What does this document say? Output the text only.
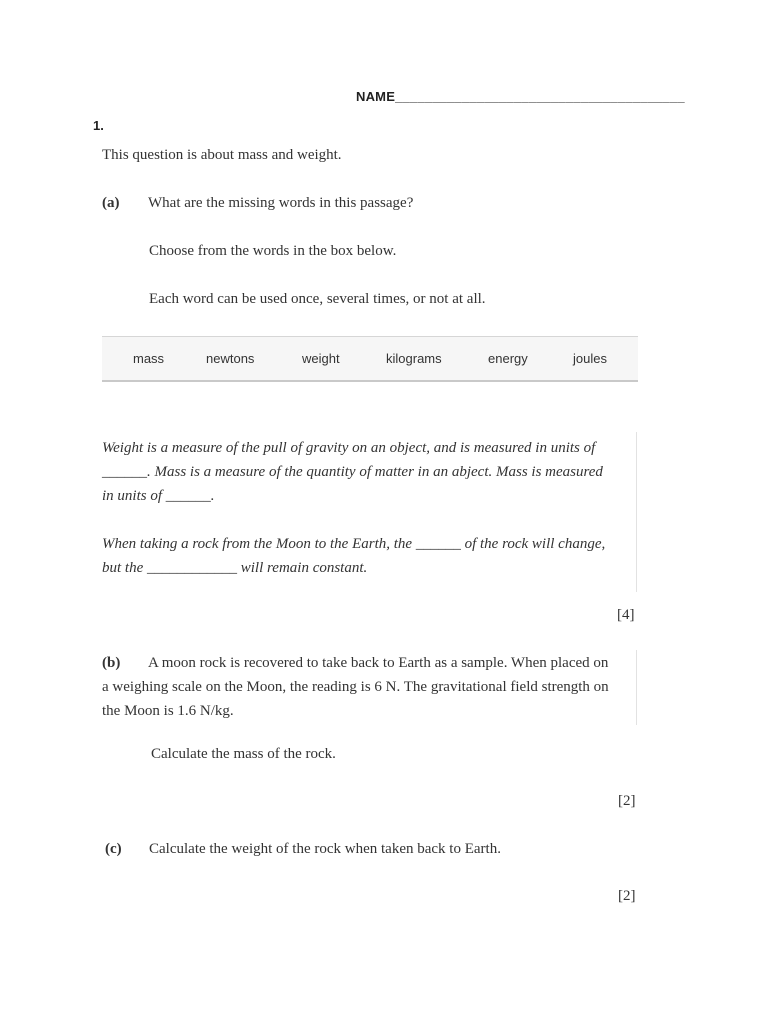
NAME_______________________________________
1.
This question is about mass and weight.
(a) What are the missing words in this passage?
Choose from the words in the box below.
Each word can be used once, several times, or not at all.
mass	newtons	weight	kilograms	energy	joules
Weight is a measure of the pull of gravity on an object, and is measured in units of
______. Mass is a measure of the quantity of matter in an abject. Mass is measured
in units of ______.
When taking a rock from the Moon to the Earth, the ______ of the rock will change,
but the ____________ will remain constant.
[4]
(b) A moon rock is recovered to take back to Earth as a sample. When placed on
a weighing scale on the Moon, the reading is 6 N. The gravitational field strength on
the Moon is 1.6 N/kg.
Calculate the mass of the rock.
[2]
(c) Calculate the weight of the rock when taken back to Earth.
[2]
